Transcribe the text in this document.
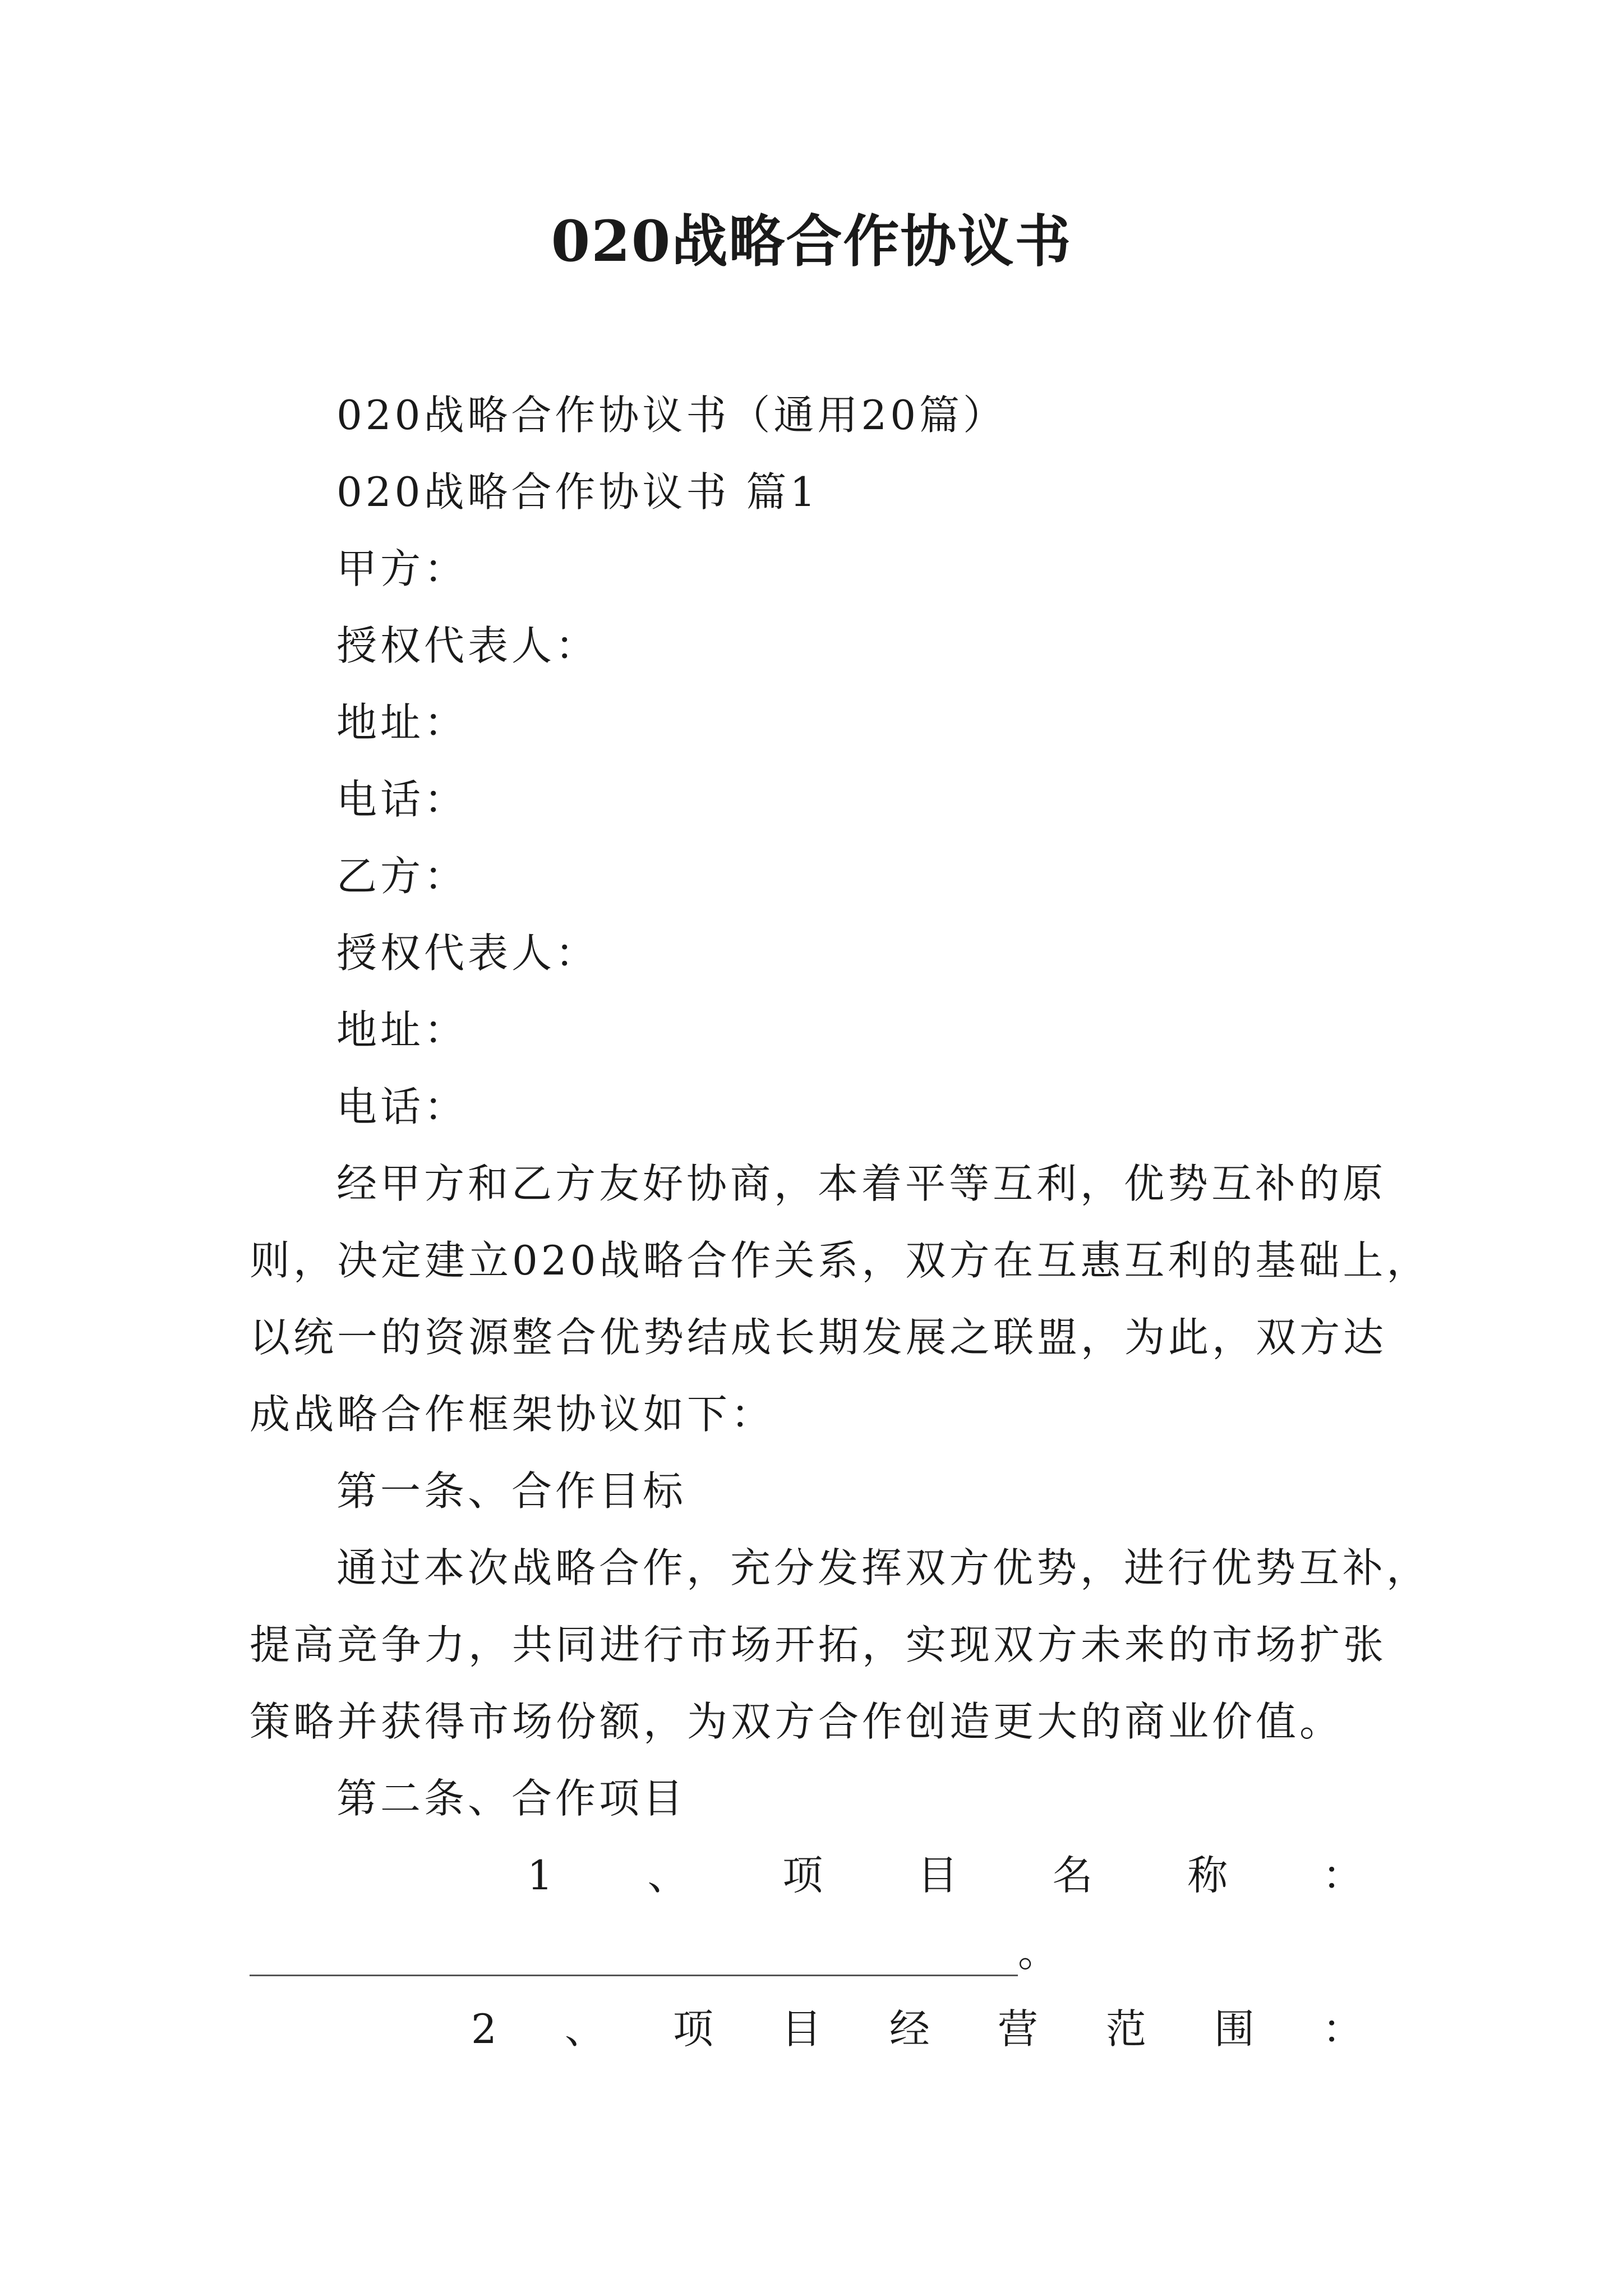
020战略合作协议书
020战略合作协议书（通用20篇）
020战略合作协议书 篇1
甲方：
授权代表人：
地址：
电话：
乙方：
授权代表人：
地址：
电话：
经甲方和乙方友好协商，本着平等互利，优势互补的原
则，决定建立020战略合作关系，双方在互惠互利的基础上，
以统一的资源整合优势结成长期发展之联盟，为此，双方达
成战略合作框架协议如下：
第一条、合作目标
通过本次战略合作，充分发挥双方优势，进行优势互补，
提高竞争力，共同进行市场开拓，实现双方未来的市场扩张
策略并获得市场份额，为双方合作创造更大的商业价值。
第二条、合作项目
1 、 项 目 名 称 ：
。
2 、 项 目 经 营 范 围 ：
